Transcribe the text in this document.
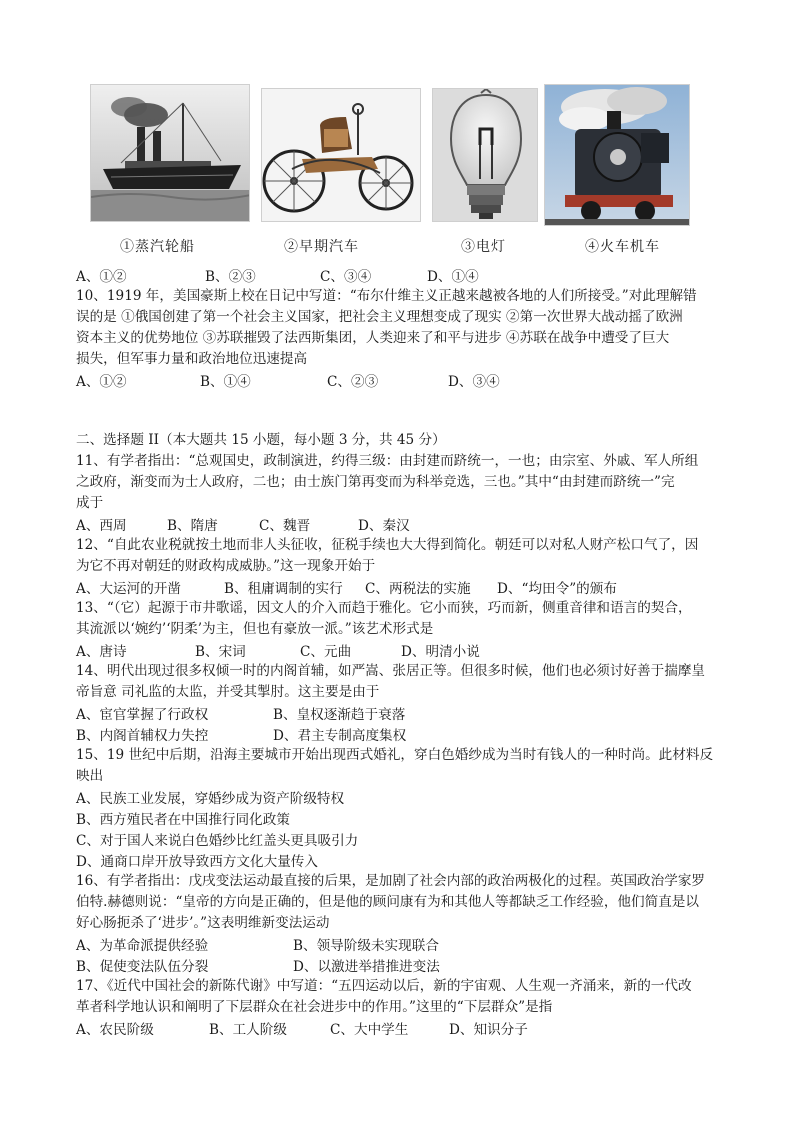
①蒸汽轮船	②早期汽车	③电灯	④火车机车
A、①②	B、②③	C、③④	D、①④
10、1919 年，美国豪斯上校在日记中写道：“布尔什维主义正越来越被各地的人们所接受。”对此理解错
误的是 ①俄国创建了第一个社会主义国家，把社会主义理想变成了现实 ②第一次世界大战动摇了欧洲
资本主义的优势地位 ③苏联摧毁了法西斯集团，人类迎来了和平与进步 ④苏联在战争中遭受了巨大
损失，但军事力量和政治地位迅速提高
A、①②	B、①④	C、②③	D、③④
二、选择题 II（本大题共 15 小题，每小题 3 分，共 45 分）
11、有学者指出：“总观国史，政制演进，约得三级：由封建而跻统一，一也；由宗室、外戚、军人所组
之政府，渐变而为士人政府，二也；由士族门第再变而为科举竞选，三也。”其中“由封建而跻统一”完
成于
A、西周	B、隋唐	C、魏晋	D、秦汉
12、“自此农业税就按土地而非人头征收，征税手续也大大得到简化。朝廷可以对私人财产松口气了，因
为它不再对朝廷的财政构成威胁。”这一现象开始于
A、大运河的开凿	B、租庸调制的实行 C、两税法的实施 D、“均田令”的颁布
13、“（它）起源于市井歌谣，因文人的介入而趋于雅化。它小而狭，巧而新，侧重音律和语言的契合，
其流派以‘婉约’‘阴柔’为主，但也有豪放一派。”该艺术形式是
A、唐诗	B、宋词	C、元曲	D、明清小说
14、明代出现过很多权倾一时的内阁首辅，如严嵩、张居正等。但很多时候，他们也必须讨好善于揣摩皇
帝旨意 司礼监的太监，并受其掣肘。这主要是由于
A、宦官掌握了行政权	B、皇权逐渐趋于衰落
B、内阁首辅权力失控	D、君主专制高度集权
15、19 世纪中后期，沿海主要城市开始出现西式婚礼，穿白色婚纱成为当时有钱人的一种时尚。此材料反
映出
A、民族工业发展，穿婚纱成为资产阶级特权
B、西方殖民者在中国推行同化政策
C、对于国人来说白色婚纱比红盖头更具吸引力
D、通商口岸开放导致西方文化大量传入
16、有学者指出：戊戌变法运动最直接的后果，是加剧了社会内部的政治两极化的过程。英国政治学家罗
伯特.赫德则说：“皇帝的方向是正确的，但是他的顾问康有为和其他人等都缺乏工作经验，他们简直是以
好心肠扼杀了‘进步’。”这表明维新变法运动
A、为革命派提供经验	B、领导阶级未实现联合
B、促使变法队伍分裂	D、以激进举措推进变法
17、《近代中国社会的新陈代谢》中写道：“五四运动以后，新的宇宙观、人生观一齐涌来，新的一代改
革者科学地认识和阐明了下层群众在社会进步中的作用。”这里的“下层群众”是指
A、农民阶级	B、工人阶级	C、大中学生	D、知识分子
